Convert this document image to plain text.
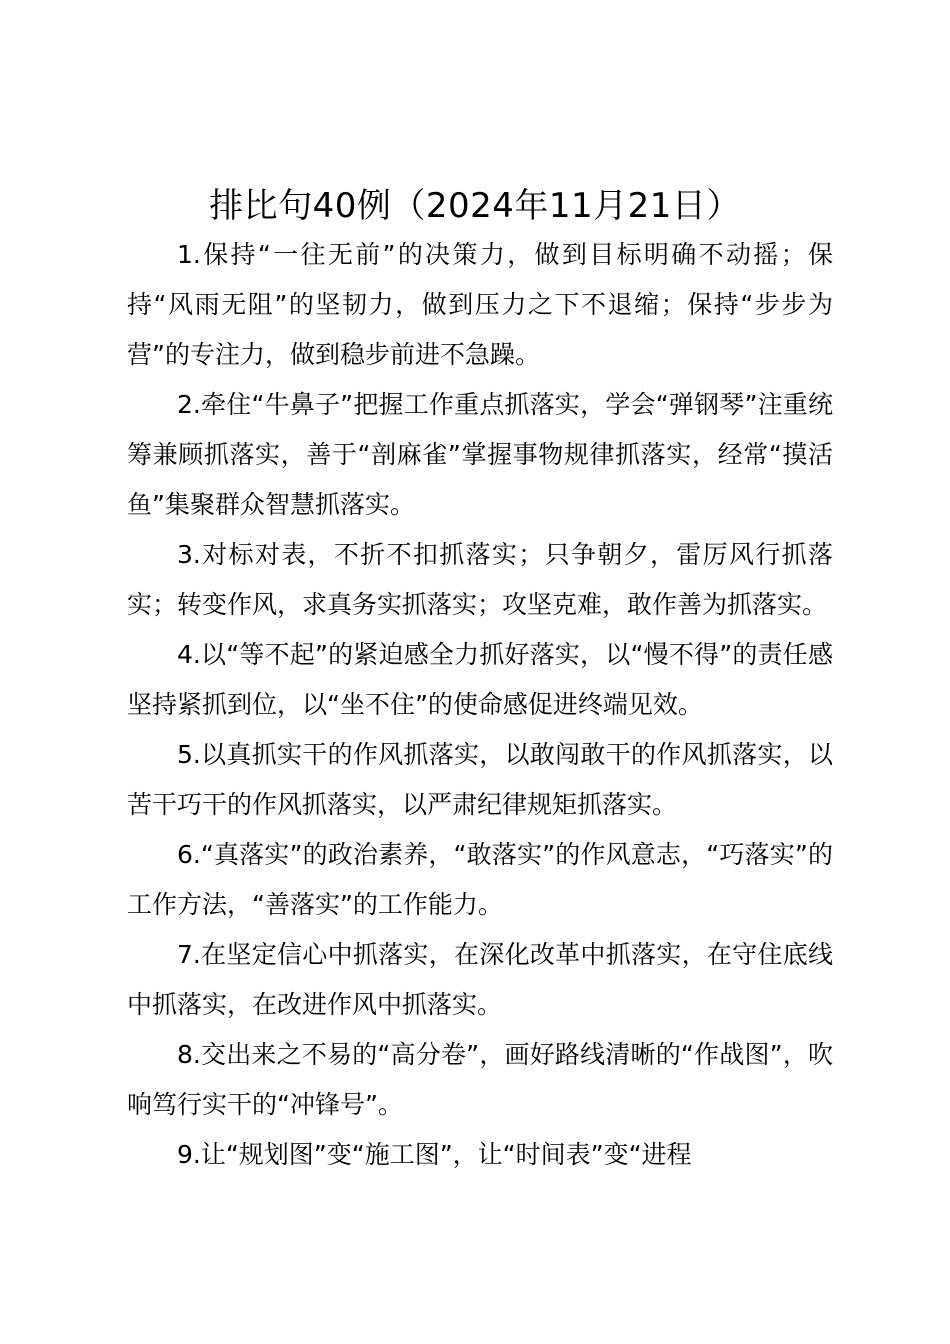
排比句40例（2024年11月21日）

1.保持“一往无前”的决策力，做到目标明确不动摇；保持“风雨无阻”的坚韧力，做到压力之下不退缩；保持“步步为营”的专注力，做到稳步前进不急躁。

2.牵住“牛鼻子”把握工作重点抓落实，学会“弹钢琴”注重统筹兼顾抓落实，善于“剖麻雀”掌握事物规律抓落实，经常“摸活鱼”集聚群众智慧抓落实。

3.对标对表，不折不扣抓落实；只争朝夕，雷厉风行抓落实；转变作风，求真务实抓落实；攻坚克难，敢作善为抓落实。

4.以“等不起”的紧迫感全力抓好落实，以“慢不得”的责任感坚持紧抓到位，以“坐不住”的使命感促进终端见效。

5.以真抓实干的作风抓落实，以敢闯敢干的作风抓落实，以苦干巧干的作风抓落实，以严肃纪律规矩抓落实。

6.“真落实”的政治素养，“敢落实”的作风意志，“巧落实”的工作方法，“善落实”的工作能力。

7.在坚定信心中抓落实，在深化改革中抓落实，在守住底线中抓落实，在改进作风中抓落实。

8.交出来之不易的“高分卷”，画好路线清晰的“作战图”，吹响笃行实干的“冲锋号”。

9.让“规划图”变“施工图”，让“时间表”变“进程
